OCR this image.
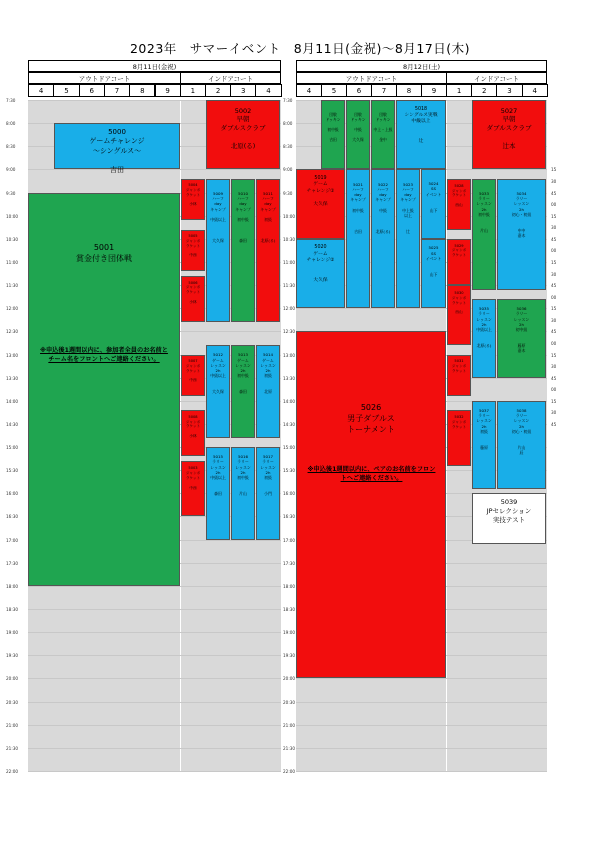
2023年　サマーイベント　8月11日(金祝)～8月17日(木)
8月11日(金祝)
アウトドアコート	インドアコート
8月12日(土)
アウトドアコート	インドアコート
4	5	6	7	8	9	1	2	3	4	4	5	6	7	8	9	1	2	3	4
7:30
8:00
8:30
9:00
9:30
10:00
10:30
11:00
11:30
12:00
12:30
13:00
13:30
14:00
14:30
15:00
15:30
16:00
16:30
17:00
17:30
18:00
18:30
19:00
19:30
20:00
20:30
21:00
21:30
22:00
7:30
8:00
8:30
9:00
9:30
10:00
10:30
11:00
11:30
12:00
12:30
13:00
13:30
14:00
14:30
15:00
15:30
16:00
16:30
17:00
17:30
18:00
18:30
19:00
19:30
20:00
20:30
21:00
21:30
22:00
15
30
45
00
15
30
45
00
15
30
45
00
15
30
45
00
15
30
45
00
15
30
45
5000
ゲームチャレンジ
～シングルス～

吉田

5001
賞金付き団体戦
5002
早朝
ダブルスクラブ

北原(る)
5004
ジャンボ
ラケット

小林
5005
ジャンボ
ラケット

中西
5006
ジャンボ
ラケット

小林
5007
ジャンボ
ラケット

中西
5008
ジャンボ
ラケット

小林
5003
ジャンボ
ラケット

中西

5009
ハーフ
day
キャンプ

中級以上

大久保

5010
ハーフ
day
キャンプ

初中級

森田

5011
ハーフ
day
キャンプ

初級

北原(る)
5012
ゲーム
レッスン
2h
中級以上

大久保
5013
ゲーム
レッスン
2h
初中級

森田
5014
ゲーム
レッスン
2h
初級

北原
5015
ラリー
レッスン
2h
中級以上

森田
5016
ラリー
レッスン
2h
初中級

片山
5017
ラリー
レッスン
2h
初級

小門

団敬
ドッキン

初中級

吉田

団敬
ドッキン

中級

大久保

団敬
ドッキン

中上・上級

金中
5018
シングルス実戦
中級以上

辻
5019
ゲーム
チャレンジ①

大久保
5020
ゲーム
チャレンジ②

大久保

5021
ハーフ
day
キャンプ

初中級

吉田

5022
ハーフ
day
キャンプ

中級

北原(る)

5023
ハーフ
day
キャンプ

中上級
以上

辻

5024
SS
イベント

山下
5025
SS
イベント

山下

5026
男子ダブルス
トーナメント
5027
早朝
ダブルスクラブ

辻本
5028
ジャンボ
ラケット

西山
5029
ジャンボ
ラケット
5030
ジャンボ
ラケット

西山
5031
ジャンボ
ラケット
5032
ジャンボ
ラケット

5033
ラリー
レッスン
2h
初中級

片山

5034
ラリー
レッスン
2h
初心・初級

中中
嘉木
5035
ラリー
レッスン
2h
中級以上

北原(る)
5036
ラリー
レッスン
2h
初中級

藤原
嘉木
5037
ラリー
レッスン
2h
初級

藤原
5038
ラリー
レッスン
2h
初心・初級

片山
辰
5039
JPセレクション
実技テスト
※申込後1週間以内に、参加者全員のお名前と
チーム名をフロントへご連絡ください。
※申込後1週間以内に、ペアのお名前をフロン
トへご連絡ください。
